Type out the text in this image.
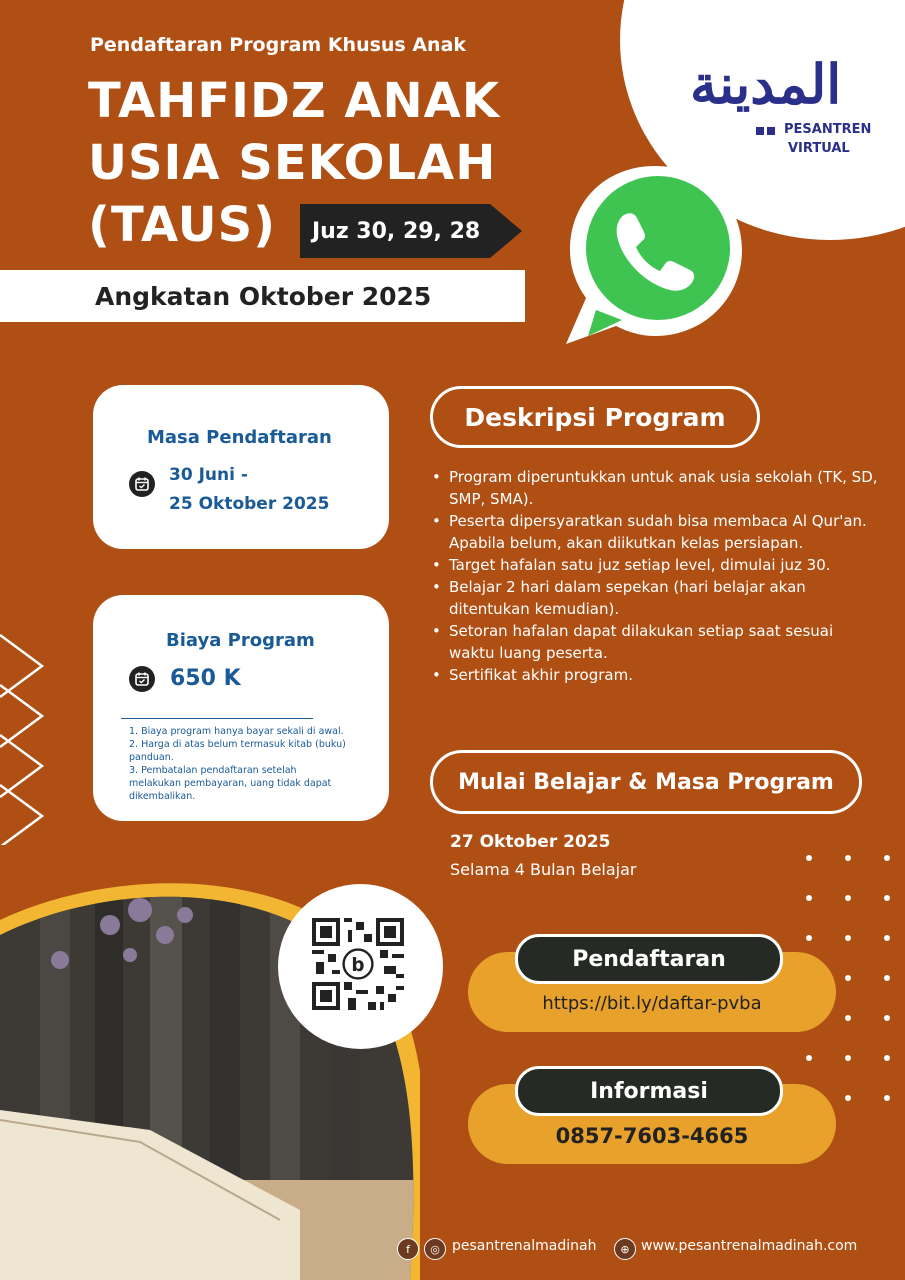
المدينة
PESANTREN
VIRTUAL
Pendaftaran Program Khusus Anak
TAHFIDZ ANAK
USIA SEKOLAH
(TAUS)	Juz 30, 29, 28
Angkatan Oktober 2025
Masa Pendaftaran
30 Juni -
25 Oktober 2025
Biaya Program
650 K
1. Biaya program hanya bayar sekali di awal.
2. Harga di atas belum termasuk kitab (buku)
panduan.
3. Pembatalan pendaftaran setelah
melakukan pembayaran, uang tidak dapat
dikembalikan.
Deskripsi Program
• Program diperuntukkan untuk anak usia sekolah (TK, SD, SMP, SMA).
• Peserta dipersyaratkan sudah bisa membaca Al Qur'an. Apabila belum, akan diikutkan kelas persiapan.
• Target hafalan satu juz setiap level, dimulai juz 30.
• Belajar 2 hari dalam sepekan (hari belajar akan ditentukan kemudian).
• Setoran hafalan dapat dilakukan setiap saat sesuai waktu luang peserta.
• Sertifikat akhir program.
Mulai Belajar & Masa Program
27 Oktober 2025
Selama 4 Bulan Belajar
b	Pendaftaran
https://bit.ly/daftar-pvba
Informasi
0857-7603-4665
f	◎ pesantrenalmadinah	⊕ www.pesantrenalmadinah.com
